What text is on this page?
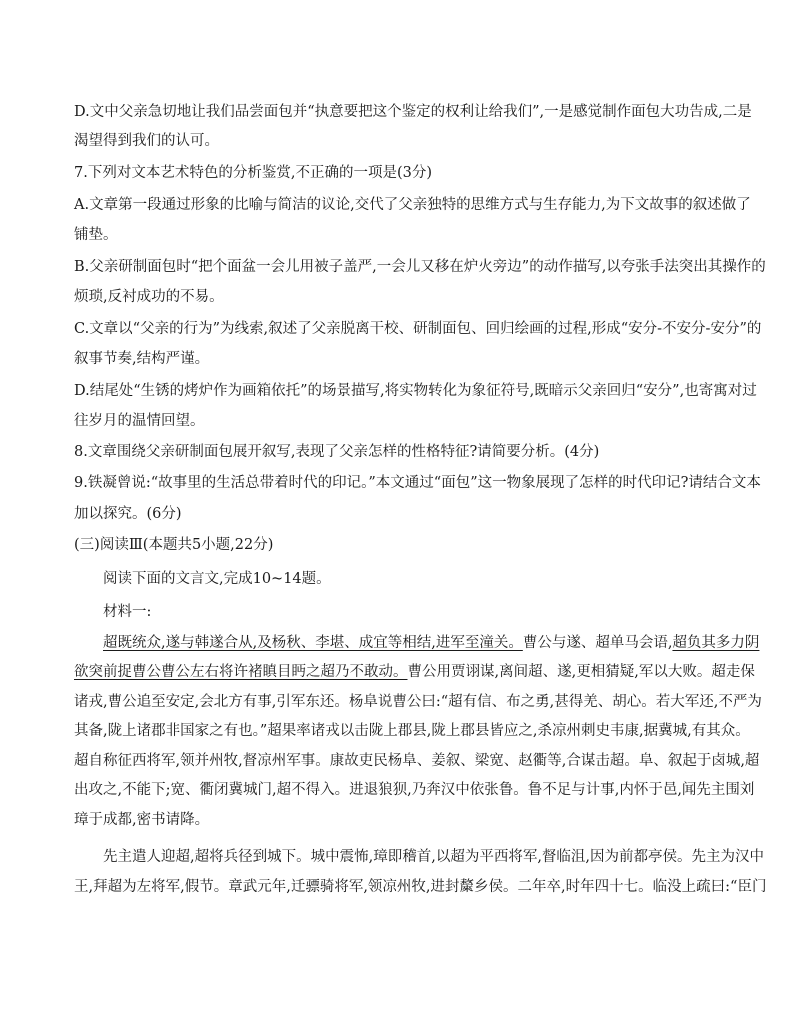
D.文中父亲急切地让我们品尝面包并“执意要把这个鉴定的权利让给我们”,一是感觉制作面包大功告成,二是
渴望得到我们的认可。
7.下列对文本艺术特色的分析鉴赏,不正确的一项是(3分)
A.文章第一段通过形象的比喻与简洁的议论,交代了父亲独特的思维方式与生存能力,为下文故事的叙述做了
铺垫。
B.父亲研制面包时“把个面盆一会儿用被子盖严,一会儿又移在炉火旁边”的动作描写,以夸张手法突出其操作的
烦琐,反衬成功的不易。
C.文章以“父亲的行为”为线索,叙述了父亲脱离干校、研制面包、回归绘画的过程,形成“安分-不安分-安分”的
叙事节奏,结构严谨。
D.结尾处“生锈的烤炉作为画箱依托”的场景描写,将实物转化为象征符号,既暗示父亲回归“安分”,也寄寓对过
往岁月的温情回望。
8.文章围绕父亲研制面包展开叙写,表现了父亲怎样的性格特征?请简要分析。(4分)
9.铁凝曾说:“故事里的生活总带着时代的印记。”本文通过“面包”这一物象展现了怎样的时代印记?请结合文本
加以探究。(6分)
(三)阅读Ⅲ(本题共5小题,22分)
阅读下面的文言文,完成10~14题。
材料一:
超既统众,遂与韩遂合从,及杨秋、李堪、成宜等相结,进军至潼关。曹公与遂、超单马会语,超负其多力阴
欲突前捉曹公曹公左右将许褚瞋目眄之超乃不敢动。曹公用贾诩谋,离间超、遂,更相猜疑,军以大败。超走保
诸戎,曹公追至安定,会北方有事,引军东还。杨阜说曹公曰:“超有信、布之勇,甚得羌、胡心。若大军还,不严为
其备,陇上诸郡非国家之有也。”超果率诸戎以击陇上郡县,陇上郡县皆应之,杀凉州刺史韦康,据冀城,有其众。
超自称征西将军,领并州牧,督凉州军事。康故吏民杨阜、姜叙、梁宽、赵衢等,合谋击超。阜、叙起于卤城,超
出攻之,不能下;宽、衢闭冀城门,超不得入。进退狼狈,乃奔汉中依张鲁。鲁不足与计事,内怀于邑,闻先主围刘
璋于成都,密书请降。
先主遣人迎超,超将兵径到城下。城中震怖,璋即稽首,以超为平西将军,督临沮,因为前都亭侯。先主为汉中
王,拜超为左将军,假节。章武元年,迁骠骑将军,领凉州牧,进封斄乡侯。二年卒,时年四十七。临没上疏曰:“臣门
